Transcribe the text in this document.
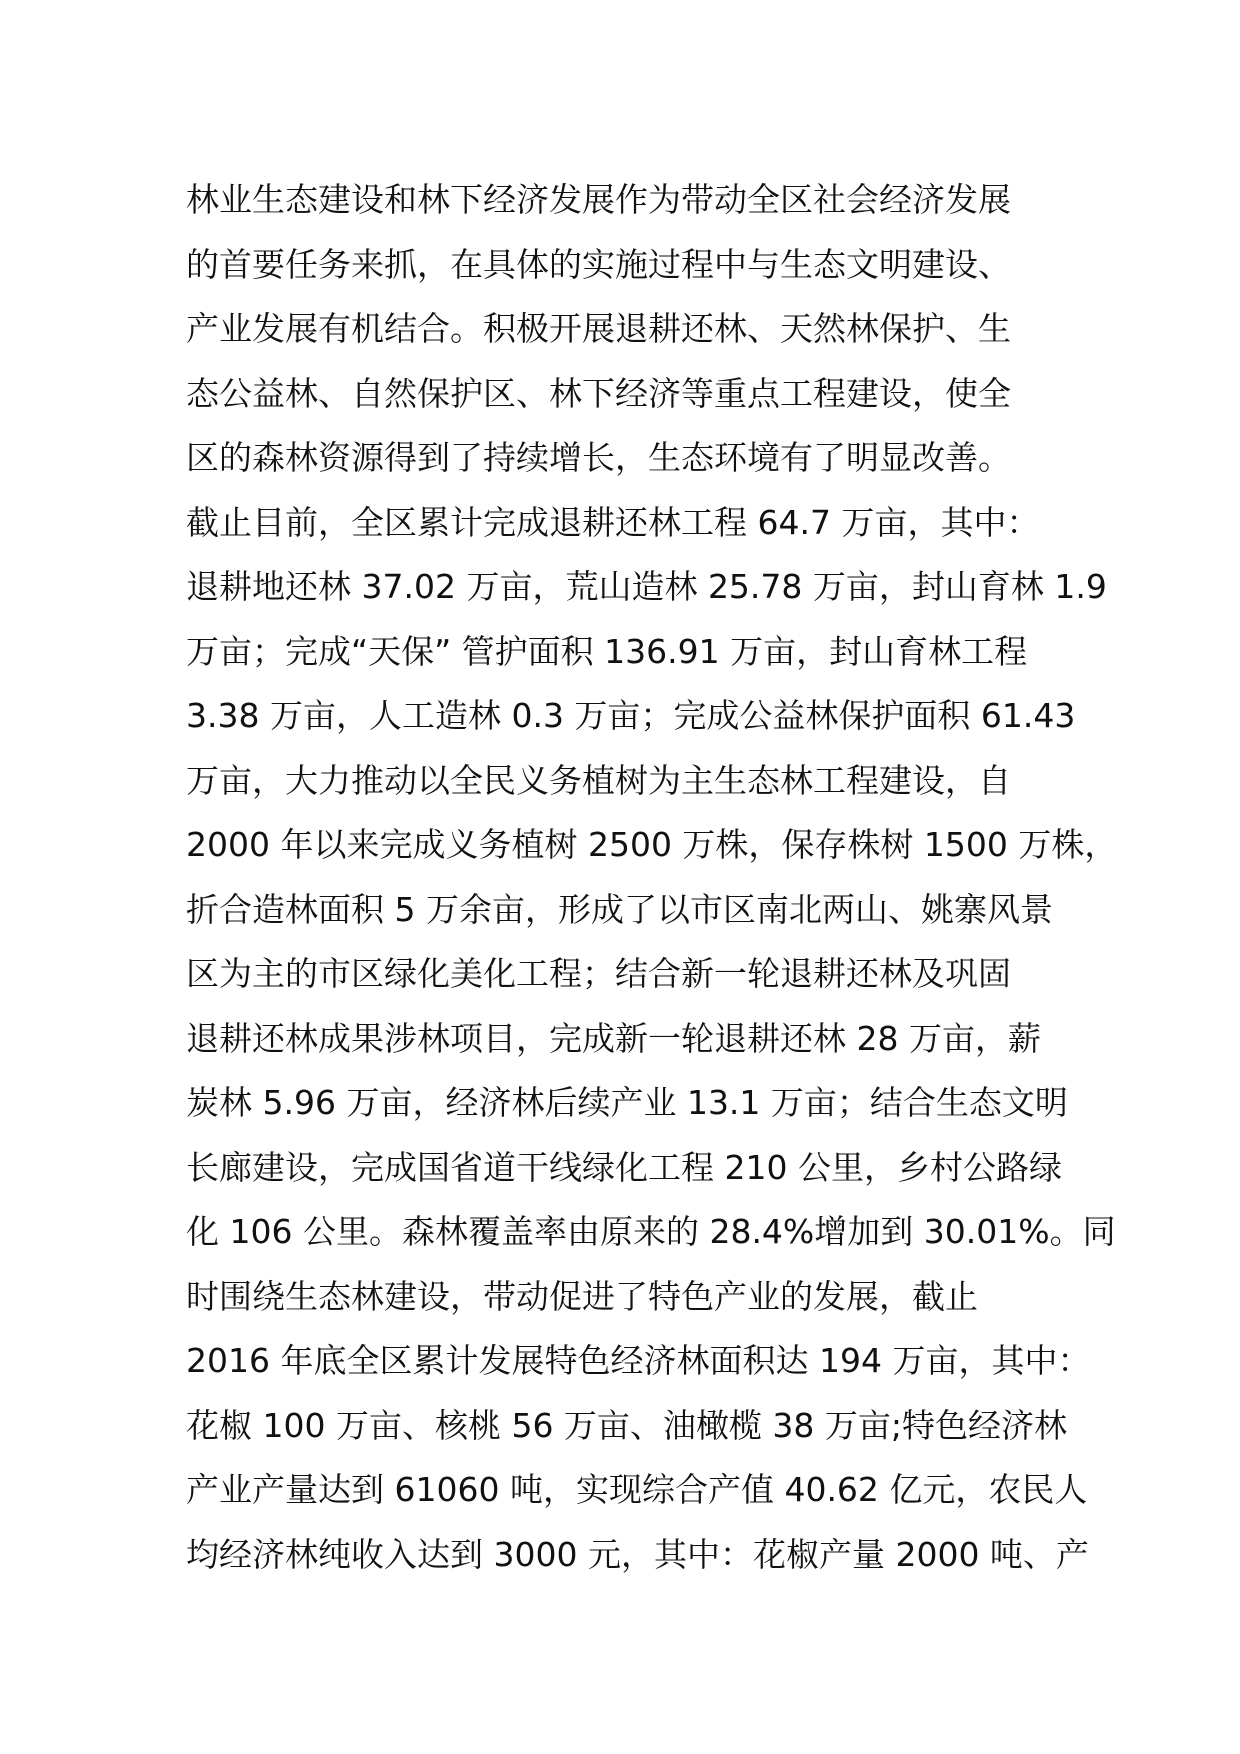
林业生态建设和林下经济发展作为带动全区社会经济发展
的首要任务来抓，在具体的实施过程中与生态文明建设、
产业发展有机结合。积极开展退耕还林、天然林保护、生
态公益林、自然保护区、林下经济等重点工程建设，使全
区的森林资源得到了持续增长，生态环境有了明显改善。
截止目前，全区累计完成退耕还林工程 64.7 万亩，其中：
退耕地还林 37.02 万亩，荒山造林 25.78 万亩，封山育林 1.9
万亩；完成“天保” 管护面积 136.91 万亩，封山育林工程
3.38 万亩，人工造林 0.3 万亩；完成公益林保护面积 61.43
万亩，大力推动以全民义务植树为主生态林工程建设，自
2000 年以来完成义务植树 2500 万株，保存株树 1500 万株，
折合造林面积 5 万余亩，形成了以市区南北两山、姚寨风景
区为主的市区绿化美化工程；结合新一轮退耕还林及巩固
退耕还林成果涉林项目，完成新一轮退耕还林 28 万亩，薪
炭林 5.96 万亩，经济林后续产业 13.1 万亩；结合生态文明
长廊建设，完成国省道干线绿化工程 210 公里，乡村公路绿
化 106 公里。森林覆盖率由原来的 28.4%增加到 30.01%。同
时围绕生态林建设，带动促进了特色产业的发展，截止
2016 年底全区累计发展特色经济林面积达 194 万亩，其中：
花椒 100 万亩、核桃 56 万亩、油橄榄 38 万亩;特色经济林
产业产量达到 61060 吨，实现综合产值 40.62 亿元，农民人
均经济林纯收入达到 3000 元，其中：花椒产量 2000 吨、产
